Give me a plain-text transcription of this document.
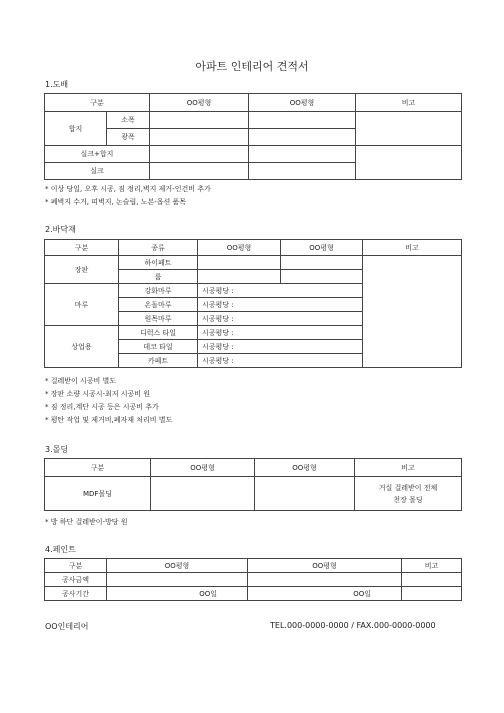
아파트 인테리어 견적서
1.도배
구분		OO평형	OO평형	비고
합지	소폭			
	광폭			
실크+합지				
실크				
* 이상 당일, 오후 시공, 짐 정리,벽지 제거-인건비 추가
* 폐벽지 수거, 띠벽지, 논슬립, 노본-옵션 품목
2.바닥재
구분	종류	OO평형	OO평형	비고
장판	하이페트			
	륨			
마루	강화마루	시공평당 :		
	온돌마루	시공평당 :		
	원목마루	시공평당 :		
상업용	디럭스 타일	시공평당 :		
	데코 타일	시공평당 :		
	카페트	시공평당 :		
* 걸레받이 시공비 별도
* 장판 소량 시공시-최저 시공비 원
* 짐 정리,계단 시공 등은 시공비 추가
* 평탄 작업 및 제거비,폐자재 처리비 별도
3.몰딩
구분	OO평형	OO평형	비고
MDF몰딩			거실 걸레받이 전체
천장 몰딩
* 방 하단 걸레받이-방당 원
4.페인트
구분	OO평형	OO평형	비고
공사금액			
공사기간	OO일	OO일	
OO인테리어	TEL.000-0000-0000 / FAX.000-0000-0000
